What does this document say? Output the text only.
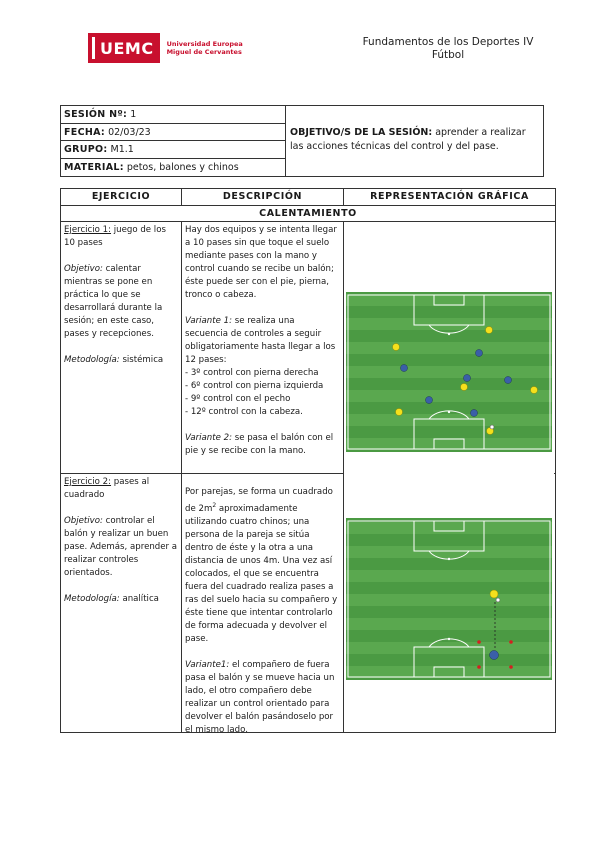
UEMC Universidad Europea
Miguel de Cervantes
Fundamentos de los Deportes IV
Fútbol
SESIÓN Nº: 1
FECHA: 02/03/23
GRUPO: M1.1
MATERIAL: petos, balones y chinos
OBJETIVO/S DE LA SESIÓN: aprender a realizar las acciones técnicas del control y del pase.
EJERCICIO	DESCRIPCIÓN	REPRESENTACIÓN GRÁFICA
CALENTAMIENTO

Ejercicio 1: juego de los 10 pases

Objetivo: calentar mientras se pone en práctica lo que se desarrollará durante la sesión; en este caso, pases y recepciones.

Metodología: sistémica

Hay dos equipos y se intenta llegar a 10 pases sin que toque el suelo mediante pases con la mano y control cuando se recibe un balón; éste puede ser con el pie, pierna, tronco o cabeza.

Variante 1: se realiza una secuencia de controles a seguir obligatoriamente hasta llegar a los 12 pases:

- 3º control con pierna derecha
- 6º control con pierna izquierda
- 9º control con el pecho
- 12º control con la cabeza.

Variante 2: se pasa el balón con el pie y se recibe con la mano.

Ejercicio 2: pases al cuadrado

Objetivo: controlar el balón y realizar un buen pase. Además, aprender a realizar controles orientados.

Metodología: analítica

Por parejas, se forma un cuadrado de $2m^2$ aproximadamente utilizando cuatro chinos; una persona de la pareja se sitúa dentro de éste y la otra a una distancia de unos 4m. Una vez así colocados, el que se encuentra fuera del cuadrado realiza pases a ras del suelo hacia su compañero y éste tiene que intentar controlarlo de forma adecuada y devolver el pase.

Variante1: el compañero de fuera pasa el balón y se mueve hacia un lado, el otro compañero debe realizar un control orientado para devolver el balón pasándoselo por el mismo lado.
